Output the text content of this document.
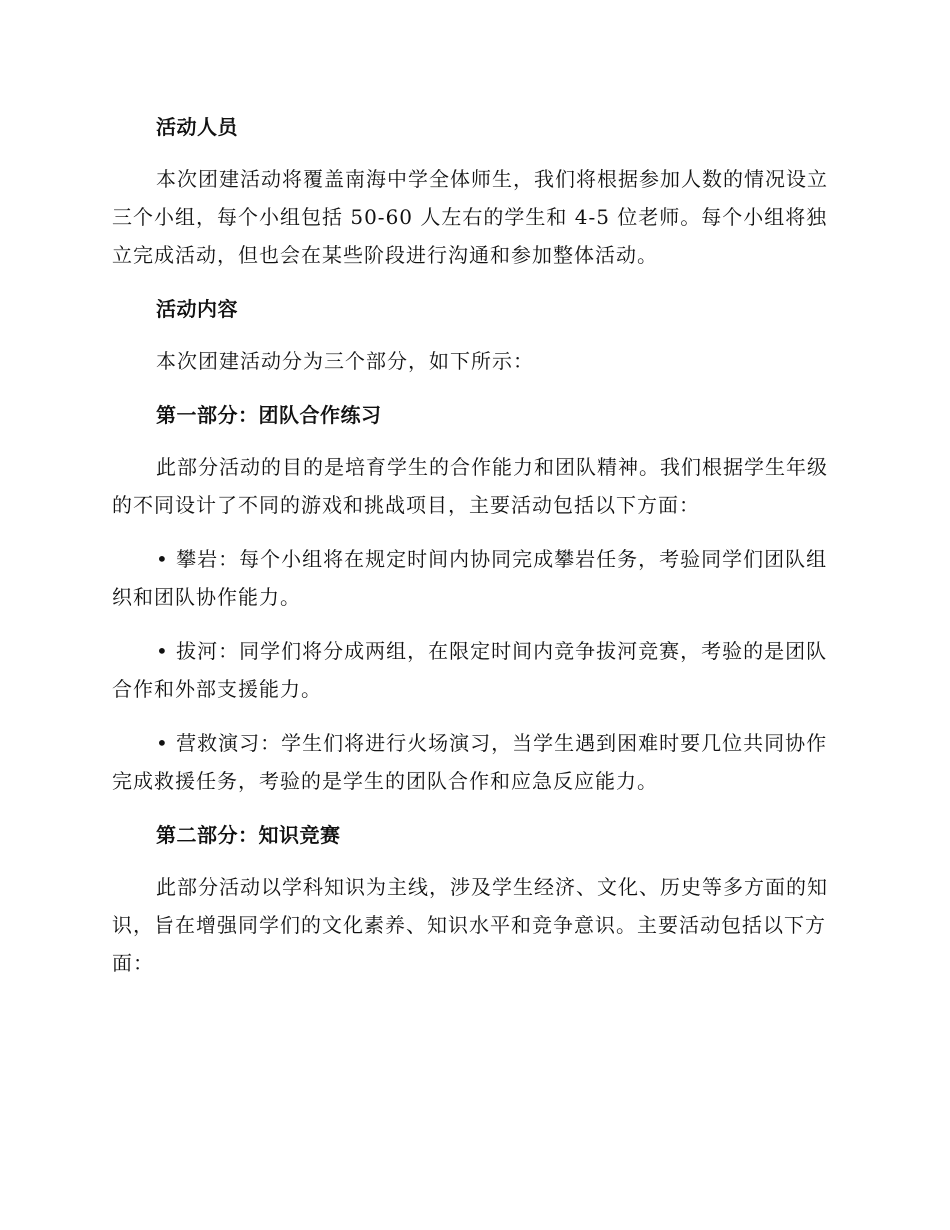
活动人员

本次团建活动将覆盖南海中学全体师生，我们将根据参加人数的情况设立三个小组，每个小组包括 50-60 人左右的学生和 4-5 位老师。每个小组将独立完成活动，但也会在某些阶段进行沟通和参加整体活动。

活动内容

本次团建活动分为三个部分，如下所示：

第一部分：团队合作练习

此部分活动的目的是培育学生的合作能力和团队精神。我们根据学生年级的不同设计了不同的游戏和挑战项目，主要活动包括以下方面：

• 攀岩：每个小组将在规定时间内协同完成攀岩任务，考验同学们团队组织和团队协作能力。

• 拔河：同学们将分成两组，在限定时间内竞争拔河竞赛，考验的是团队合作和外部支援能力。

• 营救演习：学生们将进行火场演习，当学生遇到困难时要几位共同协作完成救援任务，考验的是学生的团队合作和应急反应能力。

第二部分：知识竞赛

此部分活动以学科知识为主线，涉及学生经济、文化、历史等多方面的知识，旨在增强同学们的文化素养、知识水平和竞争意识。主要活动包括以下方面：
